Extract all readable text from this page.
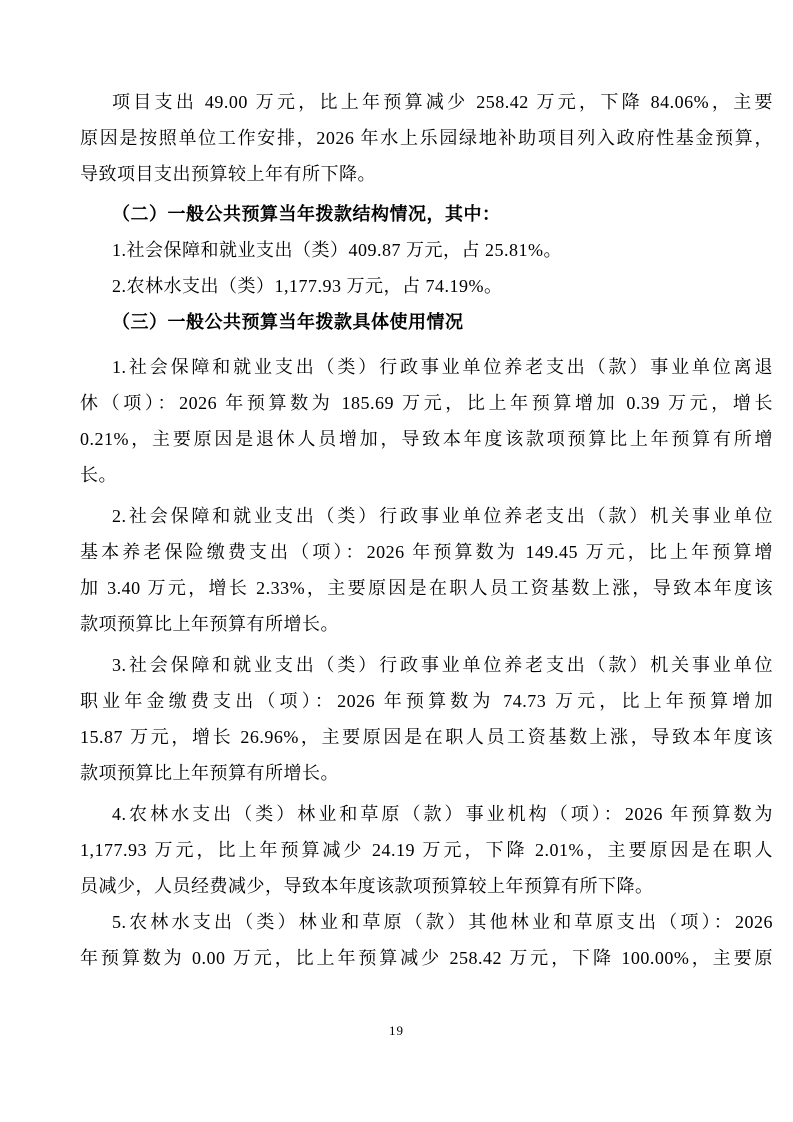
项目支出 49.00 万元，比上年预算减少 258.42 万元，下降 84.06%，主要
原因是按照单位工作安排，2026 年水上乐园绿地补助项目列入政府性基金预算，
导致项目支出预算较上年有所下降。
（二）一般公共预算当年拨款结构情况，其中：
1.社会保障和就业支出（类）409.87 万元，占 25.81%。
2.农林水支出（类）1,177.93 万元，占 74.19%。
（三）一般公共预算当年拨款具体使用情况
1.社会保障和就业支出（类）行政事业单位养老支出（款）事业单位离退
休（项）：2026 年预算数为 185.69 万元，比上年预算增加 0.39 万元，增长
0.21%，主要原因是退休人员增加，导致本年度该款项预算比上年预算有所增
长。
2.社会保障和就业支出（类）行政事业单位养老支出（款）机关事业单位
基本养老保险缴费支出（项）：2026 年预算数为 149.45 万元，比上年预算增
加 3.40 万元，增长 2.33%，主要原因是在职人员工资基数上涨，导致本年度该
款项预算比上年预算有所增长。
3.社会保障和就业支出（类）行政事业单位养老支出（款）机关事业单位
职业年金缴费支出（项）：2026 年预算数为 74.73 万元，比上年预算增加
15.87 万元，增长 26.96%，主要原因是在职人员工资基数上涨，导致本年度该
款项预算比上年预算有所增长。
4.农林水支出（类）林业和草原（款）事业机构（项）：2026 年预算数为
1,177.93 万元，比上年预算减少 24.19 万元，下降 2.01%，主要原因是在职人
员减少，人员经费减少，导致本年度该款项预算较上年预算有所下降。
5.农林水支出（类）林业和草原（款）其他林业和草原支出（项）：2026
年预算数为 0.00 万元，比上年预算减少 258.42 万元，下降 100.00%，主要原
19
